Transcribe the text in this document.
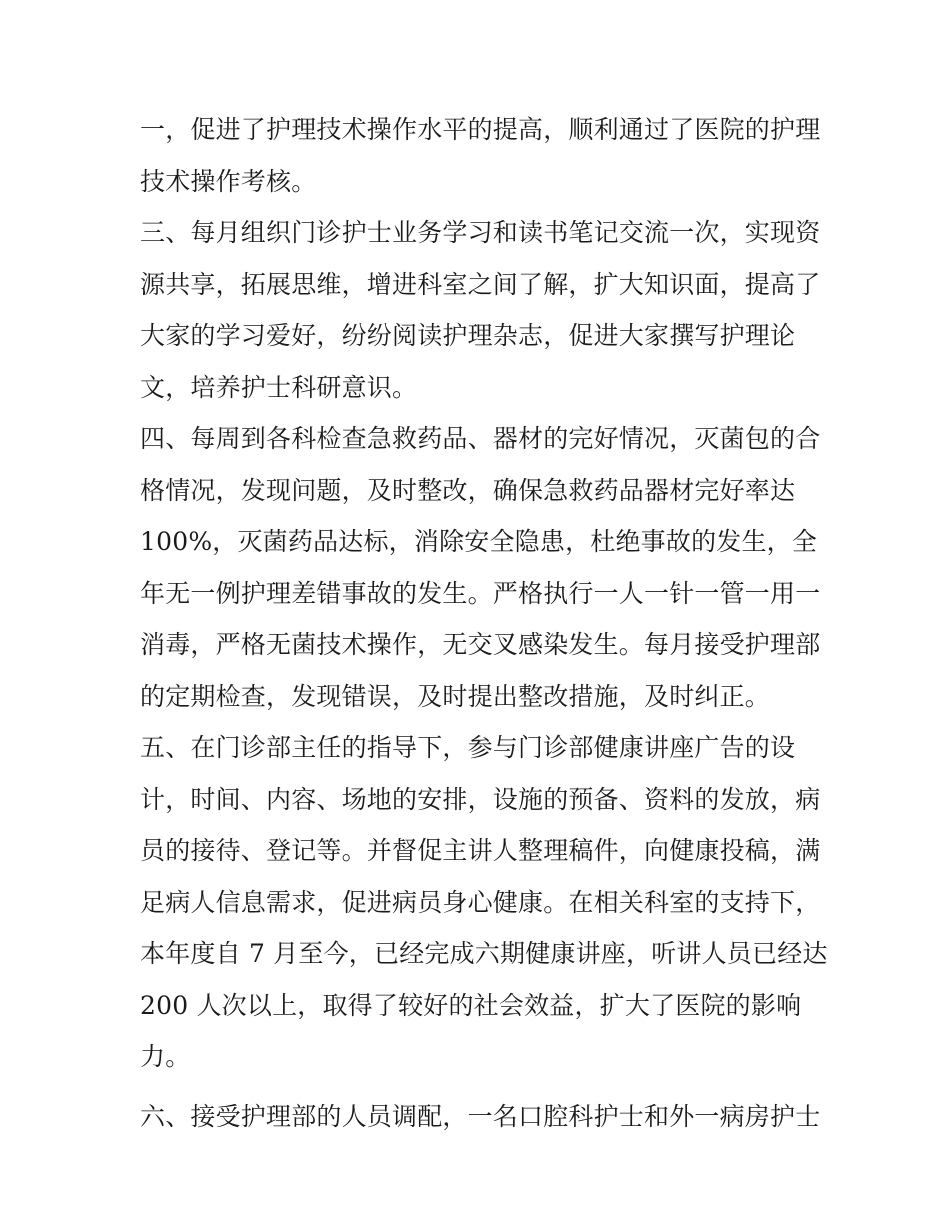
一，促进了护理技术操作水平的提高，顺利通过了医院的护理
技术操作考核。
三、每月组织门诊护士业务学习和读书笔记交流一次，实现资
源共享，拓展思维，增进科室之间了解，扩大知识面，提高了
大家的学习爱好，纷纷阅读护理杂志，促进大家撰写护理论
文，培养护士科研意识。
四、每周到各科检查急救药品、器材的完好情况，灭菌包的合
格情况，发现问题，及时整改，确保急救药品器材完好率达
100%，灭菌药品达标，消除安全隐患，杜绝事故的发生，全
年无一例护理差错事故的发生。严格执行一人一针一管一用一
消毒，严格无菌技术操作，无交叉感染发生。每月接受护理部
的定期检查，发现错误，及时提出整改措施，及时纠正。
五、在门诊部主任的指导下，参与门诊部健康讲座广告的设
计，时间、内容、场地的安排，设施的预备、资料的发放，病
员的接待、登记等。并督促主讲人整理稿件，向健康投稿，满
足病人信息需求，促进病员身心健康。在相关科室的支持下，
本年度自 7 月至今，已经完成六期健康讲座，听讲人员已经达
200 人次以上，取得了较好的社会效益，扩大了医院的影响
力。
六、接受护理部的人员调配，一名口腔科护士和外一病房护士
